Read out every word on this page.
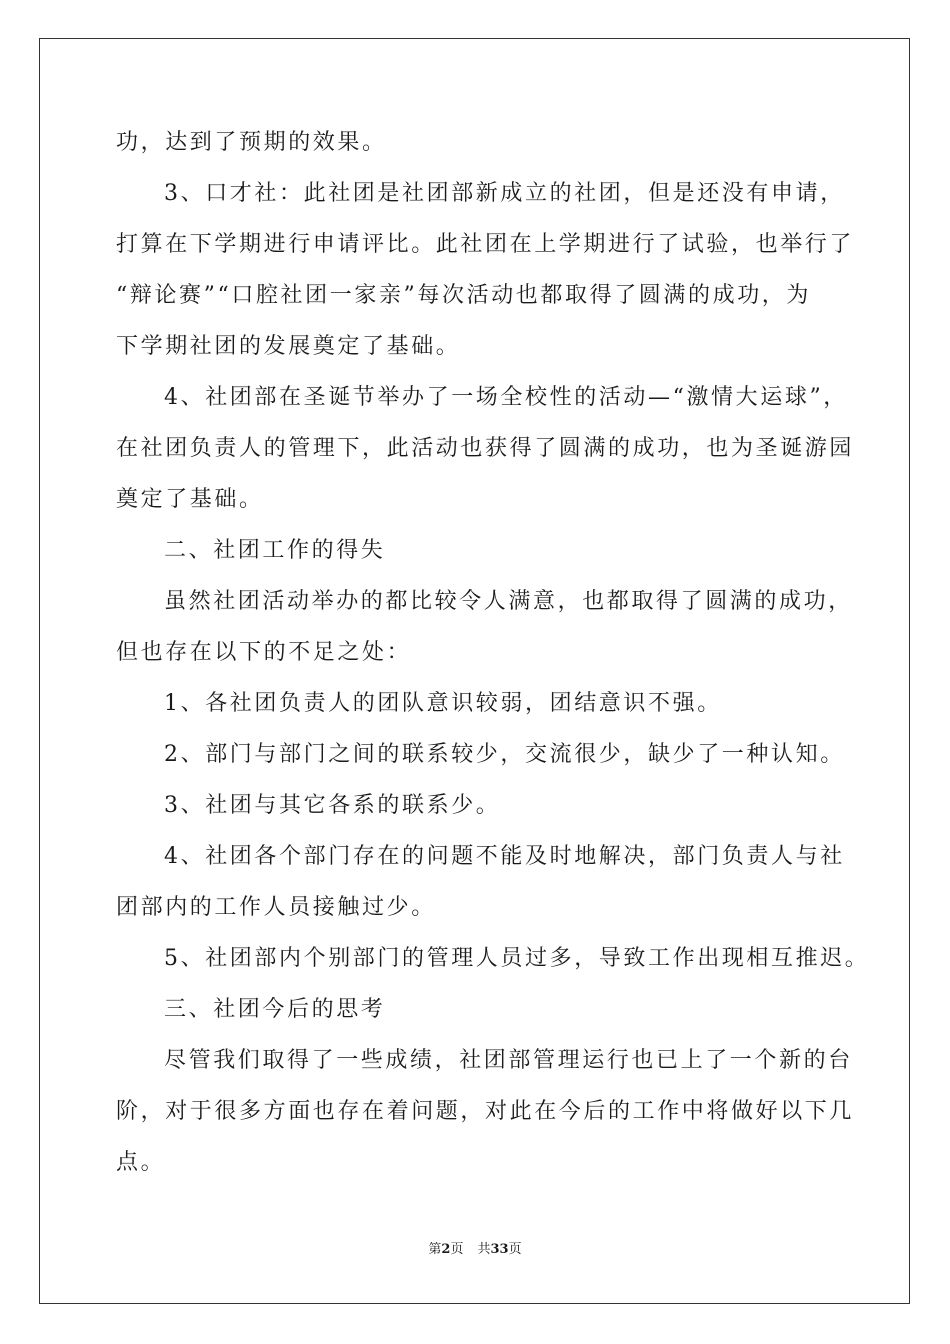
功，达到了预期的效果。
3、口才社：此社团是社团部新成立的社团，但是还没有申请，
打算在下学期进行申请评比。此社团在上学期进行了试验，也举行了
“辩论赛”“口腔社团一家亲”每次活动也都取得了圆满的成功，为
下学期社团的发展奠定了基础。
4、社团部在圣诞节举办了一场全校性的活动—“激情大运球”，
在社团负责人的管理下，此活动也获得了圆满的成功，也为圣诞游园
奠定了基础。
二、社团工作的得失
虽然社团活动举办的都比较令人满意，也都取得了圆满的成功，
但也存在以下的不足之处：
1、各社团负责人的团队意识较弱，团结意识不强。
2、部门与部门之间的联系较少，交流很少，缺少了一种认知。
3、社团与其它各系的联系少。
4、社团各个部门存在的问题不能及时地解决，部门负责人与社
团部内的工作人员接触过少。
5、社团部内个别部门的管理人员过多，导致工作出现相互推迟。
三、社团今后的思考
尽管我们取得了一些成绩，社团部管理运行也已上了一个新的台
阶，对于很多方面也存在着问题，对此在今后的工作中将做好以下几
点。
第2页 共33页
